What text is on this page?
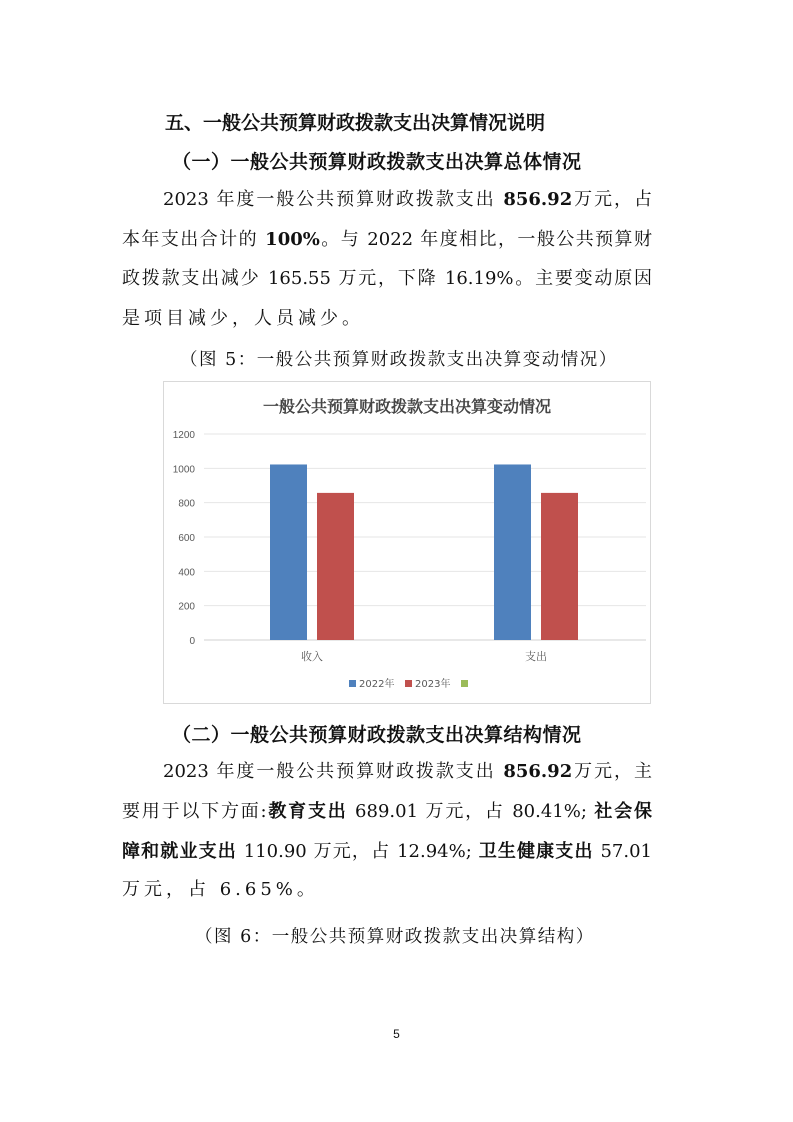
五、一般公共预算财政拨款支出决算情况说明
（一）一般公共预算财政拨款支出决算总体情况
2023 年度一般公共预算财政拨款支出 856.92万元，占
本年支出合计的 100%。与 2022 年度相比，一般公共预算财
政拨款支出减少 165.55 万元，下降 16.19%。主要变动原因
是项目减少，人员减少。
（图 5：一般公共预算财政拨款支出决算变动情况）
一般公共预算财政拨款支出决算变动情况
0
200
400
600
800
1000
1200
收入	支出
2022年 2023年
（二）一般公共预算财政拨款支出决算结构情况
2023 年度一般公共预算财政拨款支出 856.92万元，主
要用于以下方面:教育支出 689.01 万元，占 80.41%; 社会保
障和就业支出 110.90 万元，占 12.94%; 卫生健康支出 57.01
万元，占 6.65%。
（图 6：一般公共预算财政拨款支出决算结构）
5
